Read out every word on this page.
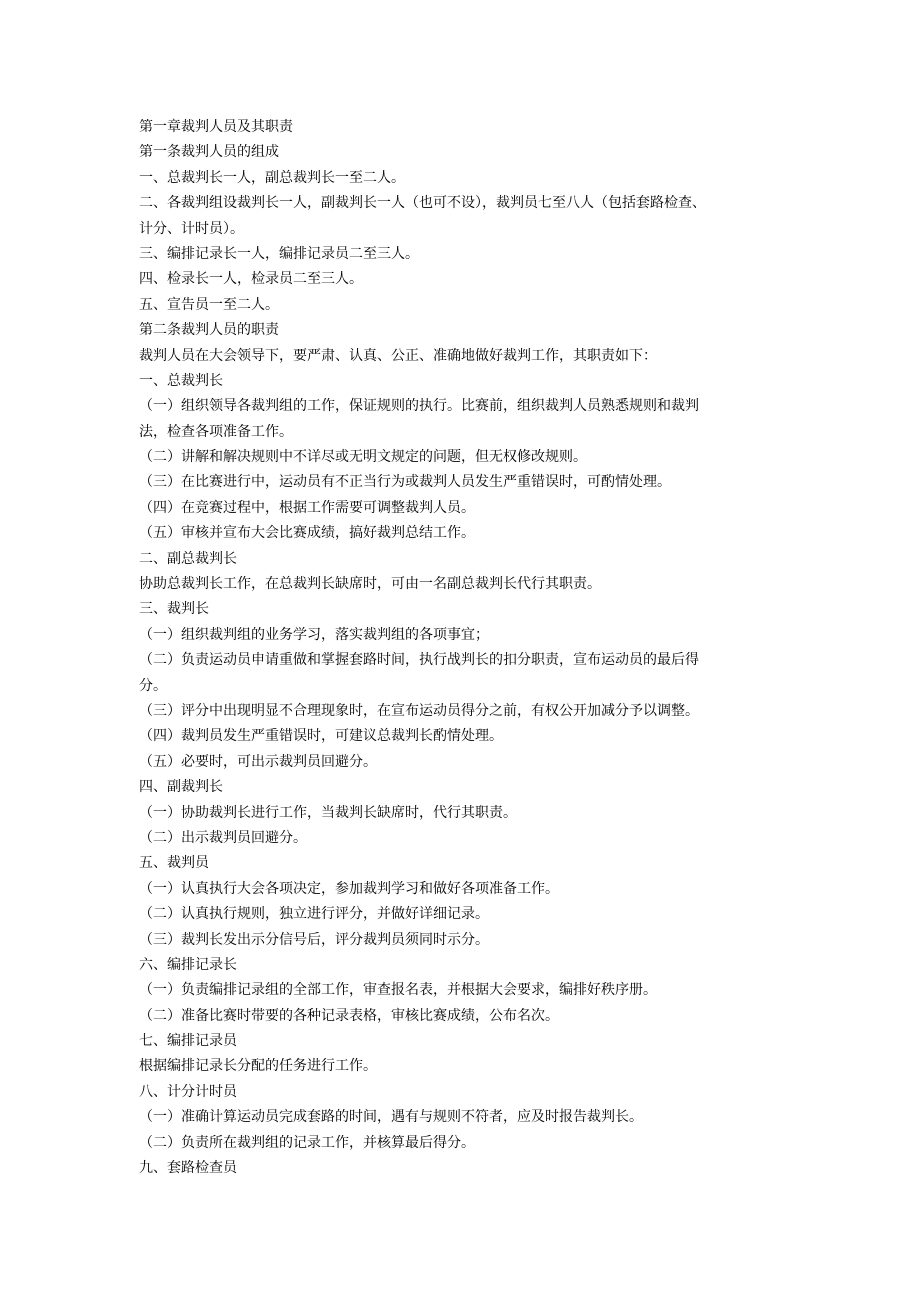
第一章裁判人员及其职责
第一条裁判人员的组成
一、总裁判长一人，副总裁判长一至二人。
二、各裁判组设裁判长一人，副裁判长一人（也可不设），裁判员七至八人（包括套路检查、
计分、计时员）。
三、编排记录长一人，编排记录员二至三人。
四、检录长一人，检录员二至三人。
五、宣告员一至二人。
第二条裁判人员的职责
裁判人员在大会领导下，要严肃、认真、公正、准确地做好裁判工作，其职责如下：
一、总裁判长
（一）组织领导各裁判组的工作，保证规则的执行。比赛前，组织裁判人员熟悉规则和裁判
法，检查各项准备工作。
（二）讲解和解决规则中不详尽或无明文规定的问题，但无权修改规则。
（三）在比赛进行中，运动员有不正当行为或裁判人员发生严重错误时，可酌情处理。
（四）在竞赛过程中，根据工作需要可调整裁判人员。
（五）审核并宣布大会比赛成绩，搞好裁判总结工作。
二、副总裁判长
协助总裁判长工作，在总裁判长缺席时，可由一名副总裁判长代行其职责。
三、裁判长
（一）组织裁判组的业务学习，落实裁判组的各项事宜；
（二）负责运动员申请重做和掌握套路时间，执行战判长的扣分职责，宣布运动员的最后得
分。
（三）评分中出现明显不合理现象时，在宣布运动员得分之前，有权公开加减分予以调整。
（四）裁判员发生严重错误时，可建议总裁判长酌情处理。
（五）必要时，可出示裁判员回避分。
四、副裁判长
（一）协助裁判长进行工作，当裁判长缺席时，代行其职责。
（二）出示裁判员回避分。
五、裁判员
（一）认真执行大会各项决定，参加裁判学习和做好各项准备工作。
（二）认真执行规则，独立进行评分，并做好详细记录。
（三）裁判长发出示分信号后，评分裁判员须同时示分。
六、编排记录长
（一）负责编排记录组的全部工作，审查报名表，并根据大会要求，编排好秩序册。
（二）准备比赛时带要的各种记录表格，审核比赛成绩，公布名次。
七、编排记录员
根据编排记录长分配的任务进行工作。
八、计分计时员
（一）准确计算运动员完成套路的时间，遇有与规则不符者，应及时报告裁判长。
（二）负责所在裁判组的记录工作，并核算最后得分。
九、套路检查员
